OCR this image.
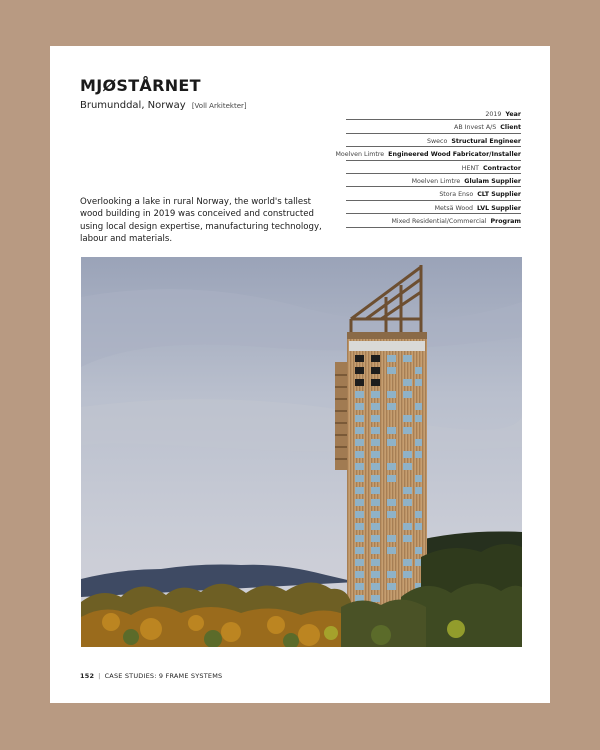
MJØSTÅRNET
Brumunddal, Norway [Voll Arkitekter]
2019 Year
AB Invest A/S Client
Sweco Structural Engineer
Moelven Limtre Engineered Wood Fabricator/Installer
HENT Contractor
Moelven Limtre Glulam Supplier
Stora Enso CLT Supplier
Metsä Wood LVL Supplier
Mixed Residential/Commercial Program

Overlooking a lake in rural Norway, the world's tallest wood building in 2019 was conceived and constructed using local design expertise, manufacturing technology, labour and materials.

152 | CASE STUDIES: 9 FRAME SYSTEMS
